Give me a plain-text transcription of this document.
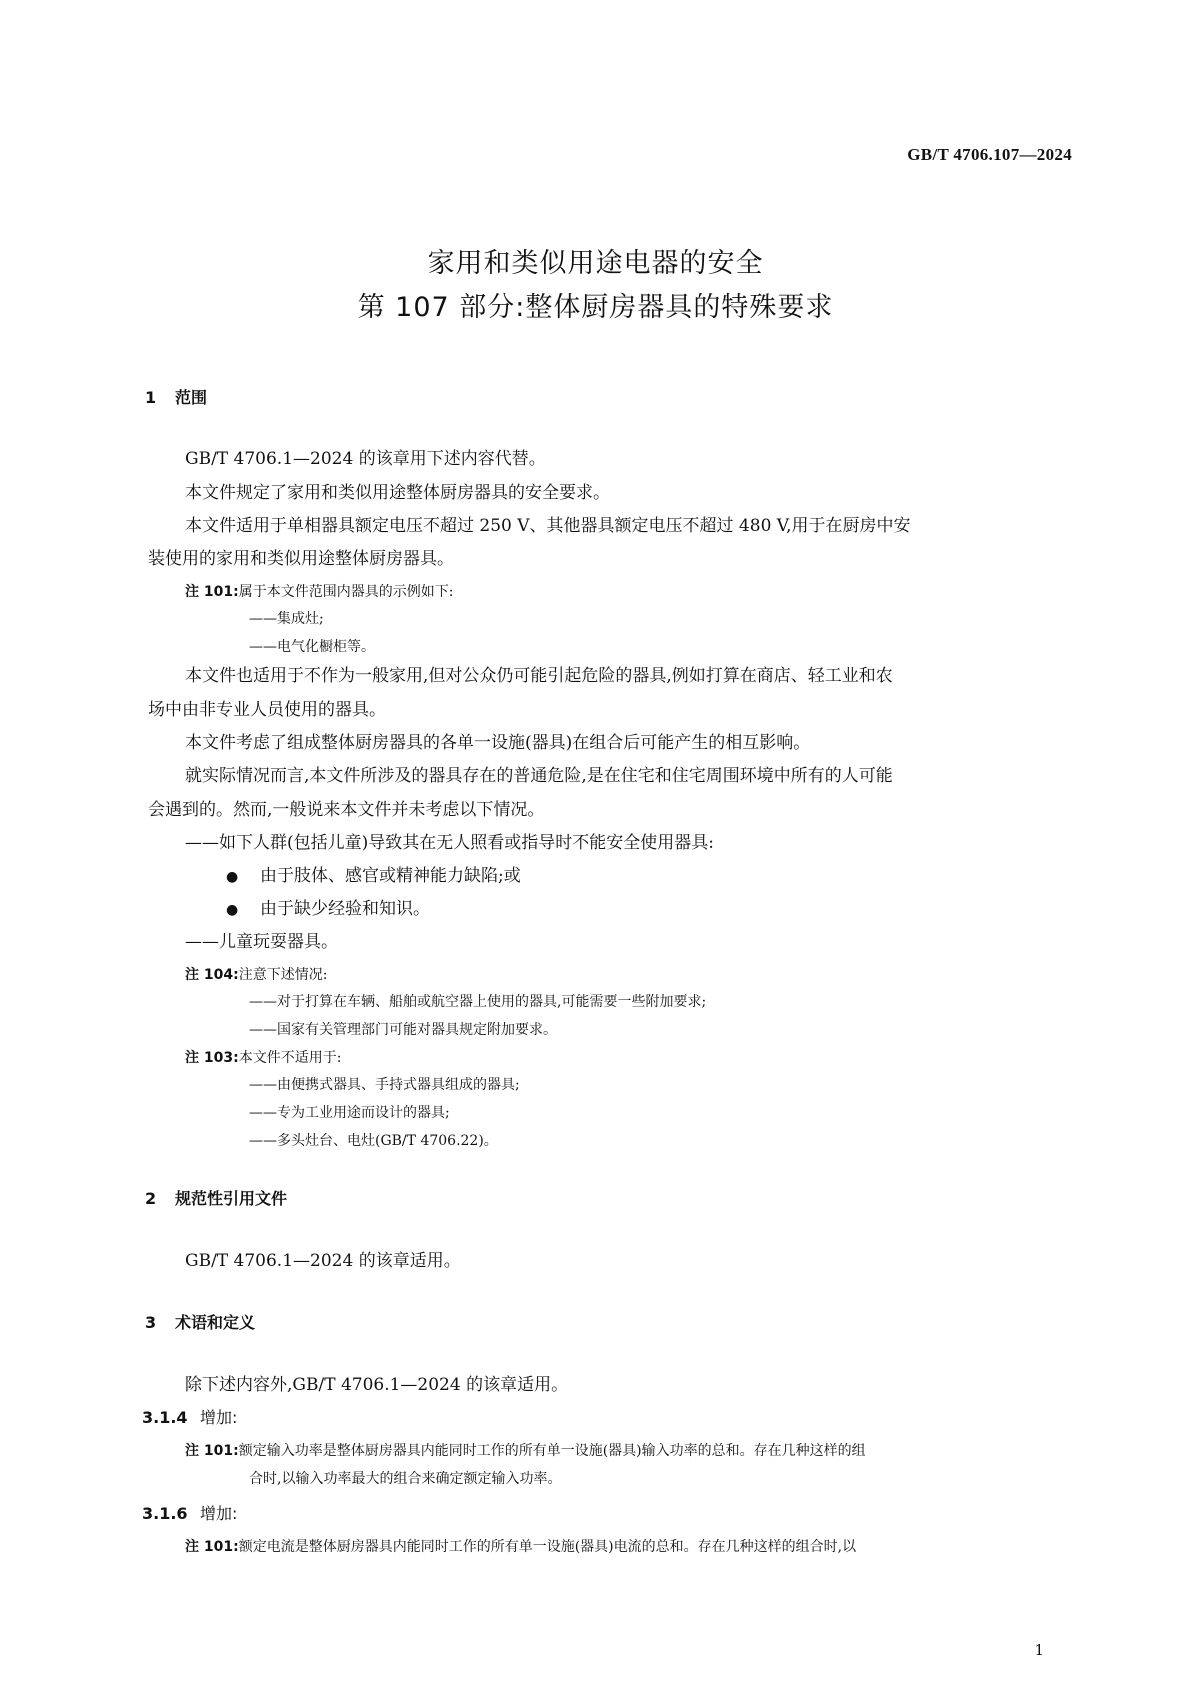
GB/T 4706.107—2024
家用和类似用途电器的安全
第 107 部分:整体厨房器具的特殊要求
1 范围
GB/T 4706.1—2024 的该章用下述内容代替。
本文件规定了家用和类似用途整体厨房器具的安全要求。
本文件适用于单相器具额定电压不超过 250 V、其他器具额定电压不超过 480 V,用于在厨房中安
装使用的家用和类似用途整体厨房器具。
注 101:属于本文件范围内器具的示例如下:
——集成灶;
——电气化橱柜等。
本文件也适用于不作为一般家用,但对公众仍可能引起危险的器具,例如打算在商店、轻工业和农
场中由非专业人员使用的器具。
本文件考虑了组成整体厨房器具的各单一设施(器具)在组合后可能产生的相互影响。
就实际情况而言,本文件所涉及的器具存在的普通危险,是在住宅和住宅周围环境中所有的人可能
会遇到的。然而,一般说来本文件并未考虑以下情况。
——如下人群(包括儿童)导致其在无人照看或指导时不能安全使用器具:
● 由于肢体、感官或精神能力缺陷;或
● 由于缺少经验和知识。
——儿童玩耍器具。
注 104:注意下述情况:
——对于打算在车辆、船舶或航空器上使用的器具,可能需要一些附加要求;
——国家有关管理部门可能对器具规定附加要求。
注 103:本文件不适用于:
——由便携式器具、手持式器具组成的器具;
——专为工业用途而设计的器具;
——多头灶台、电灶(GB/T 4706.22)。
2 规范性引用文件
GB/T 4706.1—2024 的该章适用。
3 术语和定义
除下述内容外,GB/T 4706.1—2024 的该章适用。
3.1.4 增加:
注 101:额定输入功率是整体厨房器具内能同时工作的所有单一设施(器具)输入功率的总和。存在几种这样的组
合时,以输入功率最大的组合来确定额定输入功率。
3.1.6 增加:
注 101:额定电流是整体厨房器具内能同时工作的所有单一设施(器具)电流的总和。存在几种这样的组合时,以
1
